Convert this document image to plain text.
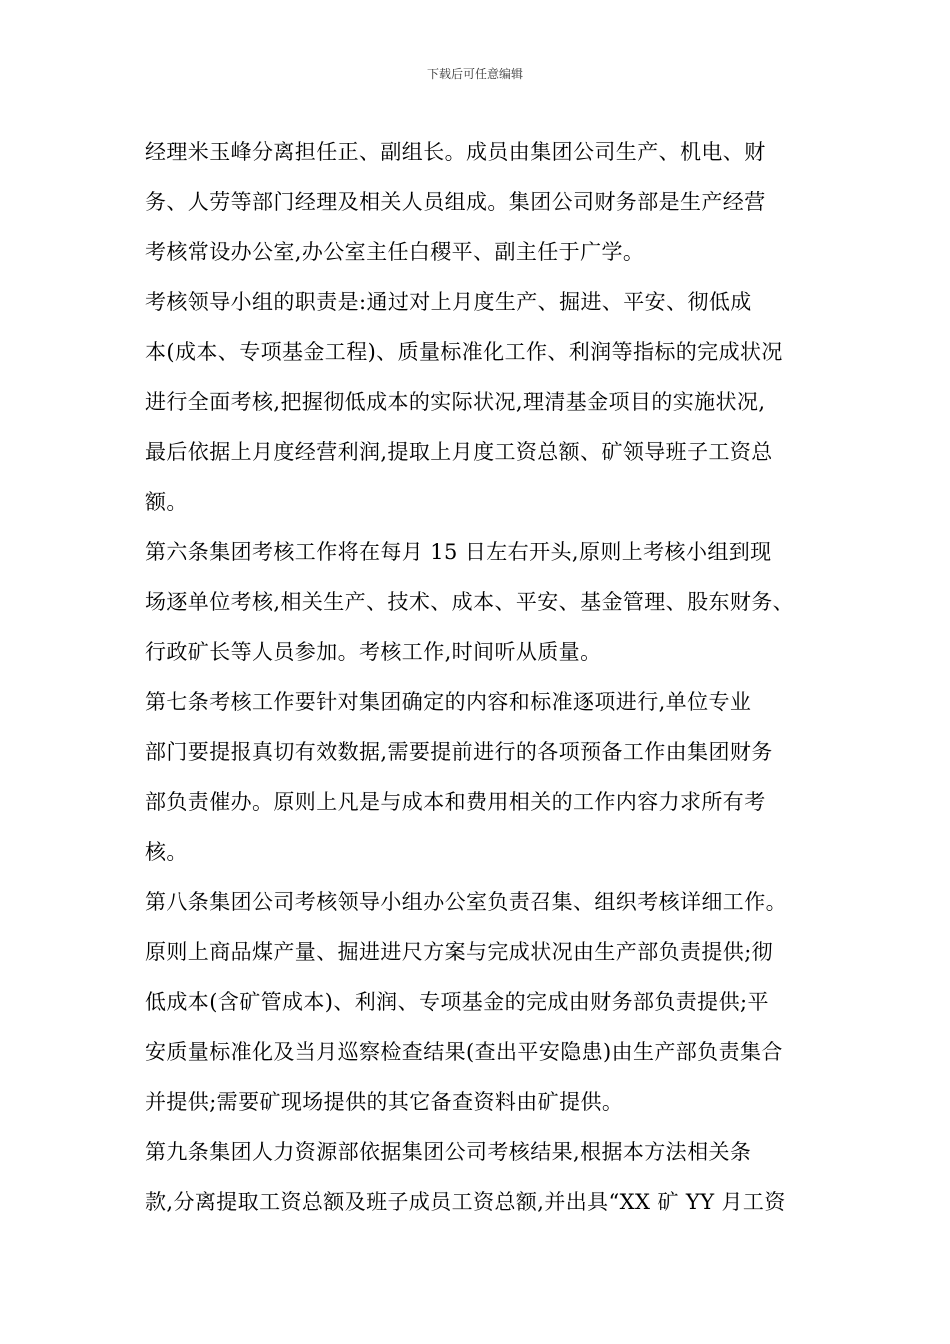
下载后可任意编辑
经理米玉峰分离担任正、副组长。成员由集团公司生产、机电、财
务、人劳等部门经理及相关人员组成。集团公司财务部是生产经营
考核常设办公室,办公室主任白稷平、副主任于广学。
考核领导小组的职责是:通过对上月度生产、掘进、平安、彻低成
本(成本、专项基金工程)、质量标准化工作、利润等指标的完成状况
进行全面考核,把握彻低成本的实际状况,理清基金项目的实施状况,
最后依据上月度经营利润,提取上月度工资总额、矿领导班子工资总
额。
第六条集团考核工作将在每月 15 日左右开头,原则上考核小组到现
场逐单位考核,相关生产、技术、成本、平安、基金管理、股东财务、
行政矿长等人员参加。考核工作,时间听从质量。
第七条考核工作要针对集团确定的内容和标准逐项进行,单位专业
部门要提报真切有效数据,需要提前进行的各项预备工作由集团财务
部负责催办。原则上凡是与成本和费用相关的工作内容力求所有考
核。
第八条集团公司考核领导小组办公室负责召集、组织考核详细工作。
原则上商品煤产量、掘进进尺方案与完成状况由生产部负责提供;彻
低成本(含矿管成本)、利润、专项基金的完成由财务部负责提供;平
安质量标准化及当月巡察检查结果(查出平安隐患)由生产部负责集合
并提供;需要矿现场提供的其它备查资料由矿提供。
第九条集团人力资源部依据集团公司考核结果,根据本方法相关条
款,分离提取工资总额及班子成员工资总额,并出具“XX 矿 YY 月工资
